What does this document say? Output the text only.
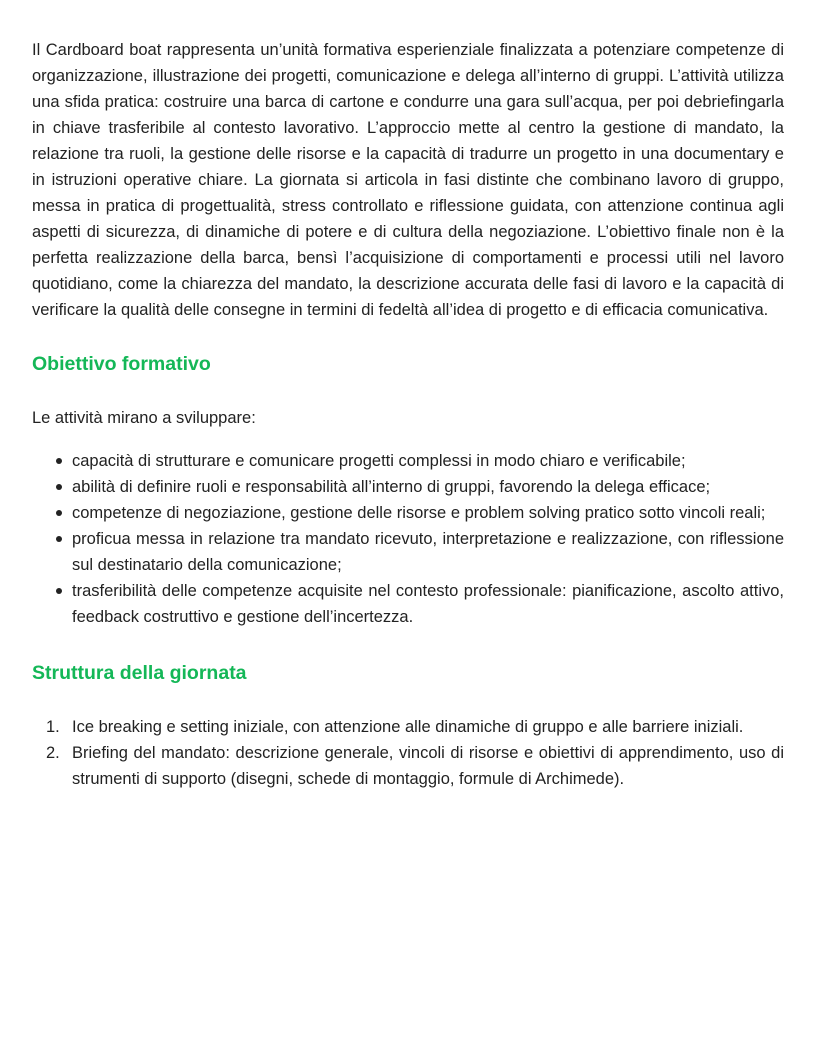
Il Cardboard boat rappresenta un’unità formativa esperienziale finalizzata a potenziare competenze di organizzazione, illustrazione dei progetti, comunicazione e delega all’interno di gruppi. L’attività utilizza una sfida pratica: costruire una barca di cartone e condurre una gara sull’acqua, per poi debriefingarla in chiave trasferibile al contesto lavorativo. L’approccio mette al centro la gestione di mandato, la relazione tra ruoli, la gestione delle risorse e la capacità di tradurre un progetto in una documentary e in istruzioni operative chiare. La giornata si articola in fasi distinte che combinano lavoro di gruppo, messa in pratica di progettualità, stress controllato e riflessione guidata, con attenzione continua agli aspetti di sicurezza, di dinamiche di potere e di cultura della negoziazione. L’obiettivo finale non è la perfetta realizzazione della barca, bensì l’acquisizione di comportamenti e processi utili nel lavoro quotidiano, come la chiarezza del mandato, la descrizione accurata delle fasi di lavoro e la capacità di verificare la qualità delle consegne in termini di fedeltà all’idea di progetto e di efficacia comunicativa.

Obiettivo formativo

Le attività mirano a sviluppare:

capacità di strutturare e comunicare progetti complessi in modo chiaro e verificabile;
abilità di definire ruoli e responsabilità all’interno di gruppi, favorendo la delega efficace;
competenze di negoziazione, gestione delle risorse e problem solving pratico sotto vincoli reali;
proficua messa in relazione tra mandato ricevuto, interpretazione e realizzazione, con riflessione sul destinatario della comunicazione;
trasferibilità delle competenze acquisite nel contesto professionale: pianificazione, ascolto attivo, feedback costruttivo e gestione dell’incertezza.
Struttura della giornata
1. Ice breaking e setting iniziale, con attenzione alle dinamiche di gruppo e alle barriere iniziali.
2. Briefing del mandato: descrizione generale, vincoli di risorse e obiettivi di apprendimento, uso di strumenti di supporto (disegni, schede di montaggio, formule di Archimede).
